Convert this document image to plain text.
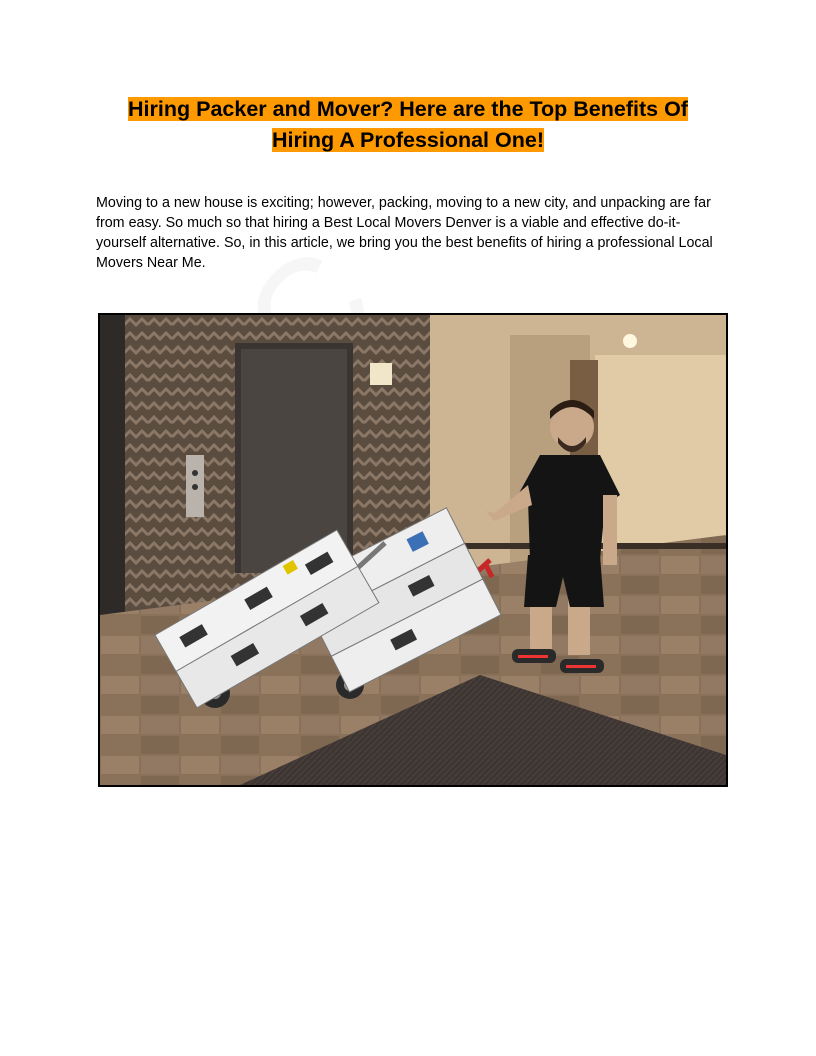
Hiring Packer and Mover? Here are the Top Benefits Of
Hiring A Professional One!
Moving to a new house is exciting; however, packing, moving to a new city, and unpacking are far from easy. So much so that hiring a Best Local Movers Denver is a viable and effective do-it-yourself alternative. So, in this article, we bring you the best benefits of hiring a professional Local Movers Near Me.
